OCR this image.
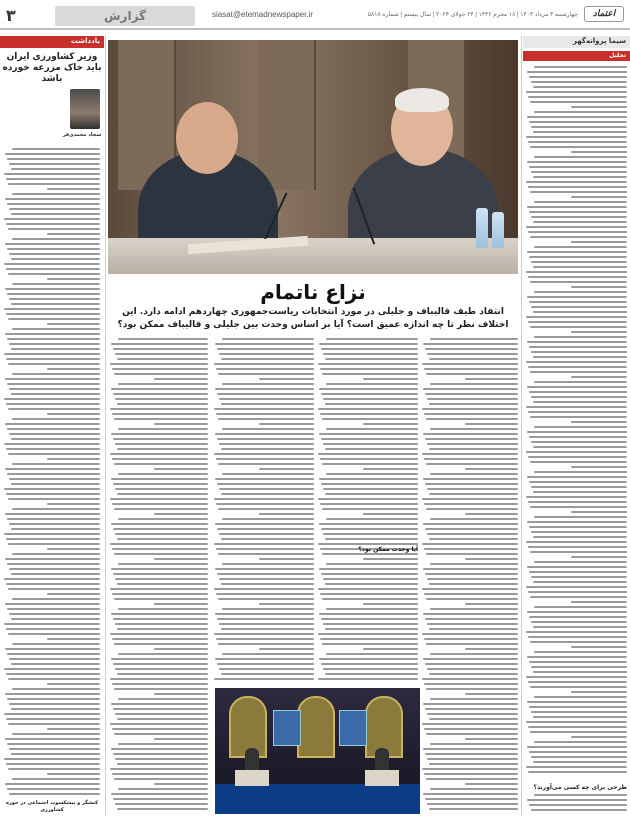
۳	گزارش	siasat@etemadnewspaper.ir	چهارشنبه ۳ مرداد ۱۴۰۳ | ۱۸ محرم ۱۴۴۶ | ۲۴ جولای ۲۰۲۴ | سال بیستم | شماره ۵۸۱۸	اعتماد
یادداشت
وزیر کشاورزی ایران باید خاک مزرعه خورده باشد
سجاد محمدی‌فر
کنشگر و پیشکسوت اجتماعی در حوزه کشاورزی
نزاع ناتمام
انتقاد طیف قالیباف و جلیلی در مورد انتخابات ریاست‌جمهوری چهاردهم ادامه دارد. این اختلاف نظر تا چه اندازه عمیق است؟ آیا بر اساس وحدت بین جلیلی و قالیباف ممکن بود؟
آیا وحدت ممکن بود؟
سیما پروانه‌گهر
تحلیل
طرحی برای چه کسی می‌آورند؟
